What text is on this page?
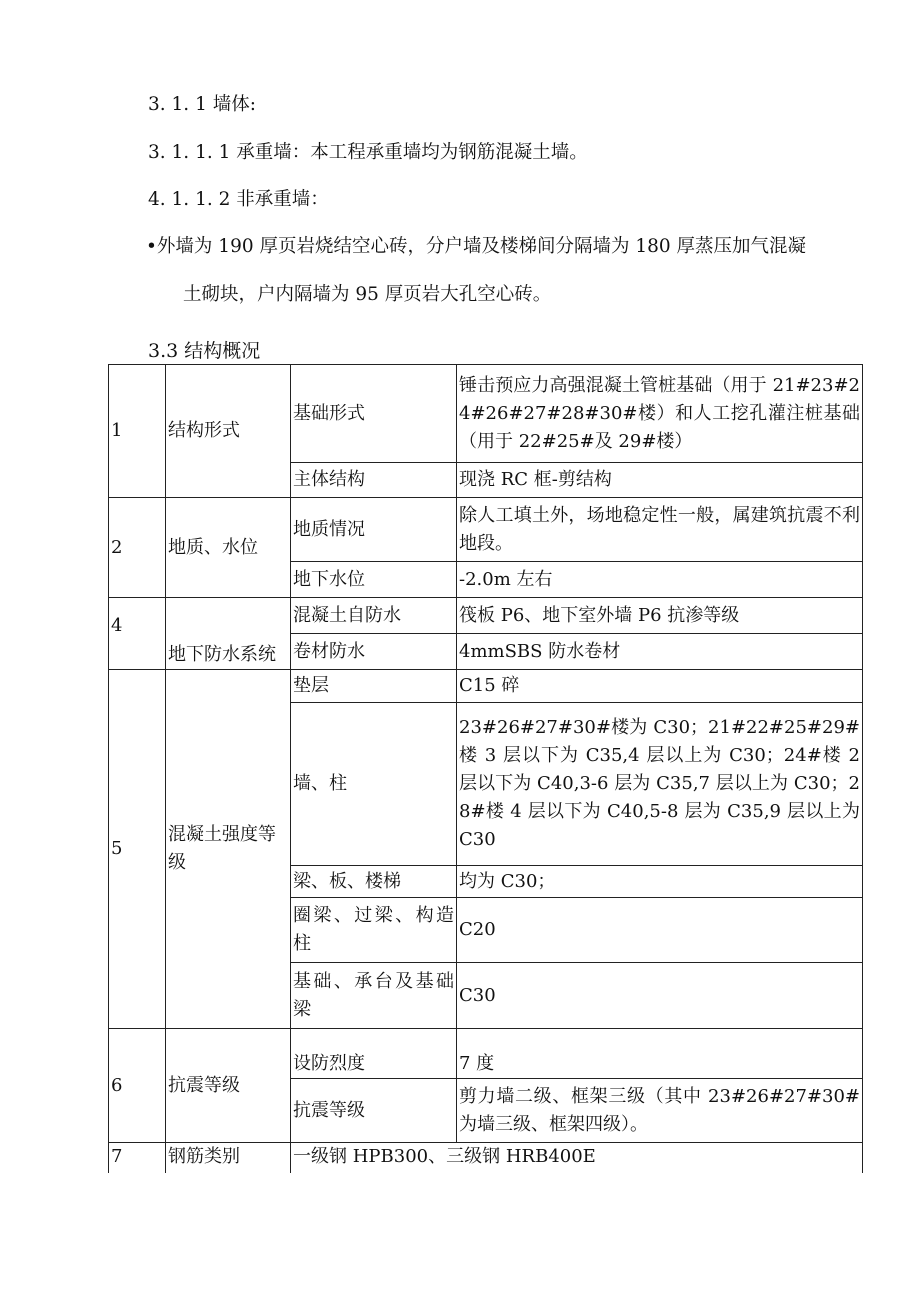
3. 1. 1 墙体:
3. 1. 1. 1 承重墙：本工程承重墙均为钢筋混凝土墙。
4. 1. 1. 2 非承重墙：
•外墙为 190 厚页岩烧结空心砖，分户墙及楼梯间分隔墙为 180 厚蒸压加气混凝
土砌块，户内隔墙为 95 厚页岩大孔空心砖。
3.3 结构概况
1	结构形式	基础形式	锤击预应力高强混凝土管桩基础（用于 21#23#24#26#27#28#30#楼）和人工挖孔灌注桩基础（用于 22#25#及 29#楼）
		主体结构	现浇 RC 框-剪结构
2	地质、水位	地质情况	除人工填土外，场地稳定性一般，属建筑抗震不利地段。
		地下水位	-2.0m 左右
4	地下防水系统	混凝土自防水	筏板 P6、地下室外墙 P6 抗渗等级
		卷材防水	4mmSBS 防水卷材
5	混凝土强度等级	垫层	C15 碎
		墙、柱	23#26#27#30#楼为 C30；21#22#25#29#楼 3 层以下为 C35,4 层以上为 C30；24#楼 2 层以下为 C40,3-6 层为 C35,7 层以上为 C30；28#楼 4 层以下为 C40,5-8 层为 C35,9 层以上为 C30
		梁、板、楼梯	均为 C30；
		圈梁、过梁、构造柱	C20
		基础、承台及基础梁	C30
6	抗震等级	设防烈度	7 度
		抗震等级	剪力墙二级、框架三级（其中 23#26#27#30#为墙三级、框架四级）。
7	钢筋类别	一级钢 HPB300、三级钢 HRB400E	
